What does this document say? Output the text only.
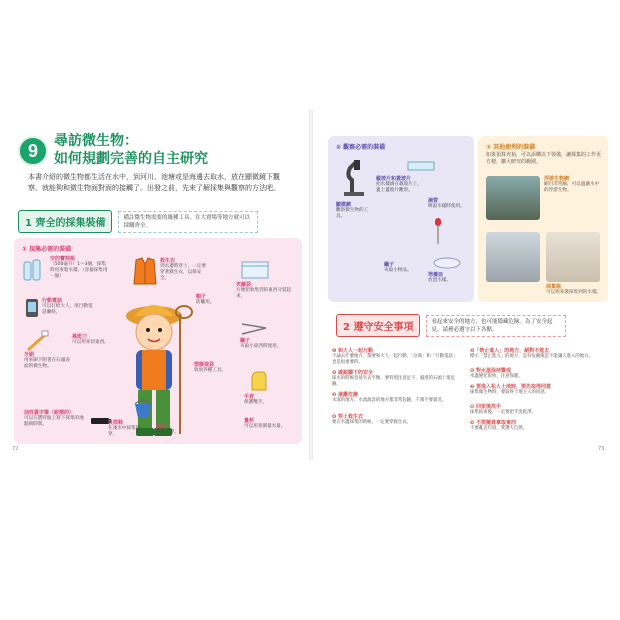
9	尋訪微生物：
如何規劃完善的自主研究
本書介紹的微生物都生活在水中，到河川、池塘或是海邊去取水，放在顯微鏡下觀察，就能夠和微生物面對面的接觸了。出發之前，先來了解採集與觀察的方法吧。
1 齊全的採集裝備
備註微生物需要的幾種工具，在大賣場等地方就可以採購齊全。
① 採集必需的裝備
空的寶特瓶
（500毫升）1～3個，採集時用來裝水樣，（容量採集用一個）
行動電話
可以打給大人，用行動電話聯絡。
牙刷
用來刷下附著在石頭表面的微生物。
萬能刀
可以用來切東西。
油性簽字筆（耐擦的）
可以在寶特瓶上寫下採集的地點與時間。
救生衣
到水邊時穿上，一定要穿著救生衣，以保安全。
帽子
防曬用。
長筒鞋
在淺水中採集時穿。
雨衣
下雨天穿。
夾鏈袋
方便把收集到的東西分裝起來。
鑷子
夾取小東西時使用。
塑膠提袋
收放各種工具。
手套
保護雙手。
量杯
可以用來測量水量。
72
② 觀察必需的裝備
顯微鏡
觀察微生物的工具。
載玻片和蓋玻片
把水樣滴在載玻片上，蓋上蓋玻片觀察。
滴管
吸取水樣時使用。
鑷子
夾取小物品。
培養皿
放置水樣。
③ 其他便利的裝備
如果預算充裕，可以添購以下裝備，讓採集的工作更方便，擴大研究的範圍。
浮游生物網
網目非常細，可以過濾水中的浮游生物。
採集瓶
可以用來裝採集到的水樣。
2 遵守安全事項
看起來安全的地方，也可能隱藏危險。為了安全起見，請務必遵守以下各點。
❶ 和大人一起行動
不論去什麼地方，都要和大人一起行動，「洽商」和「行動電話」也是很重要的。
❷ 確認腳下的安全
採水的時候容易失去平衡，要特別注意足下，濕滑的石頭上很危險。
❸ 遠離危險
水深的地方、水流湍急的地方都非常危險，千萬不要靠近。
❹ 穿上救生衣
要在水邊採集的時候，一定要穿救生衣。
❺「禁止進入」的地方，絕對不能去
標示「禁止進入」的地方，是有危險或是不能讓人進入的地方。
❻ 對水溫保持警戒
水溫變化很快，注意保暖。
❼ 要進入私人土地時，要先取得同意
採集微生物時，要取得土地主人的同意。
❽ 回家後洗手
採集結束後，一定要把手洗乾淨。
❾ 不要隨意拿取東西
不要亂丟垃圾，愛護大自然。
73
